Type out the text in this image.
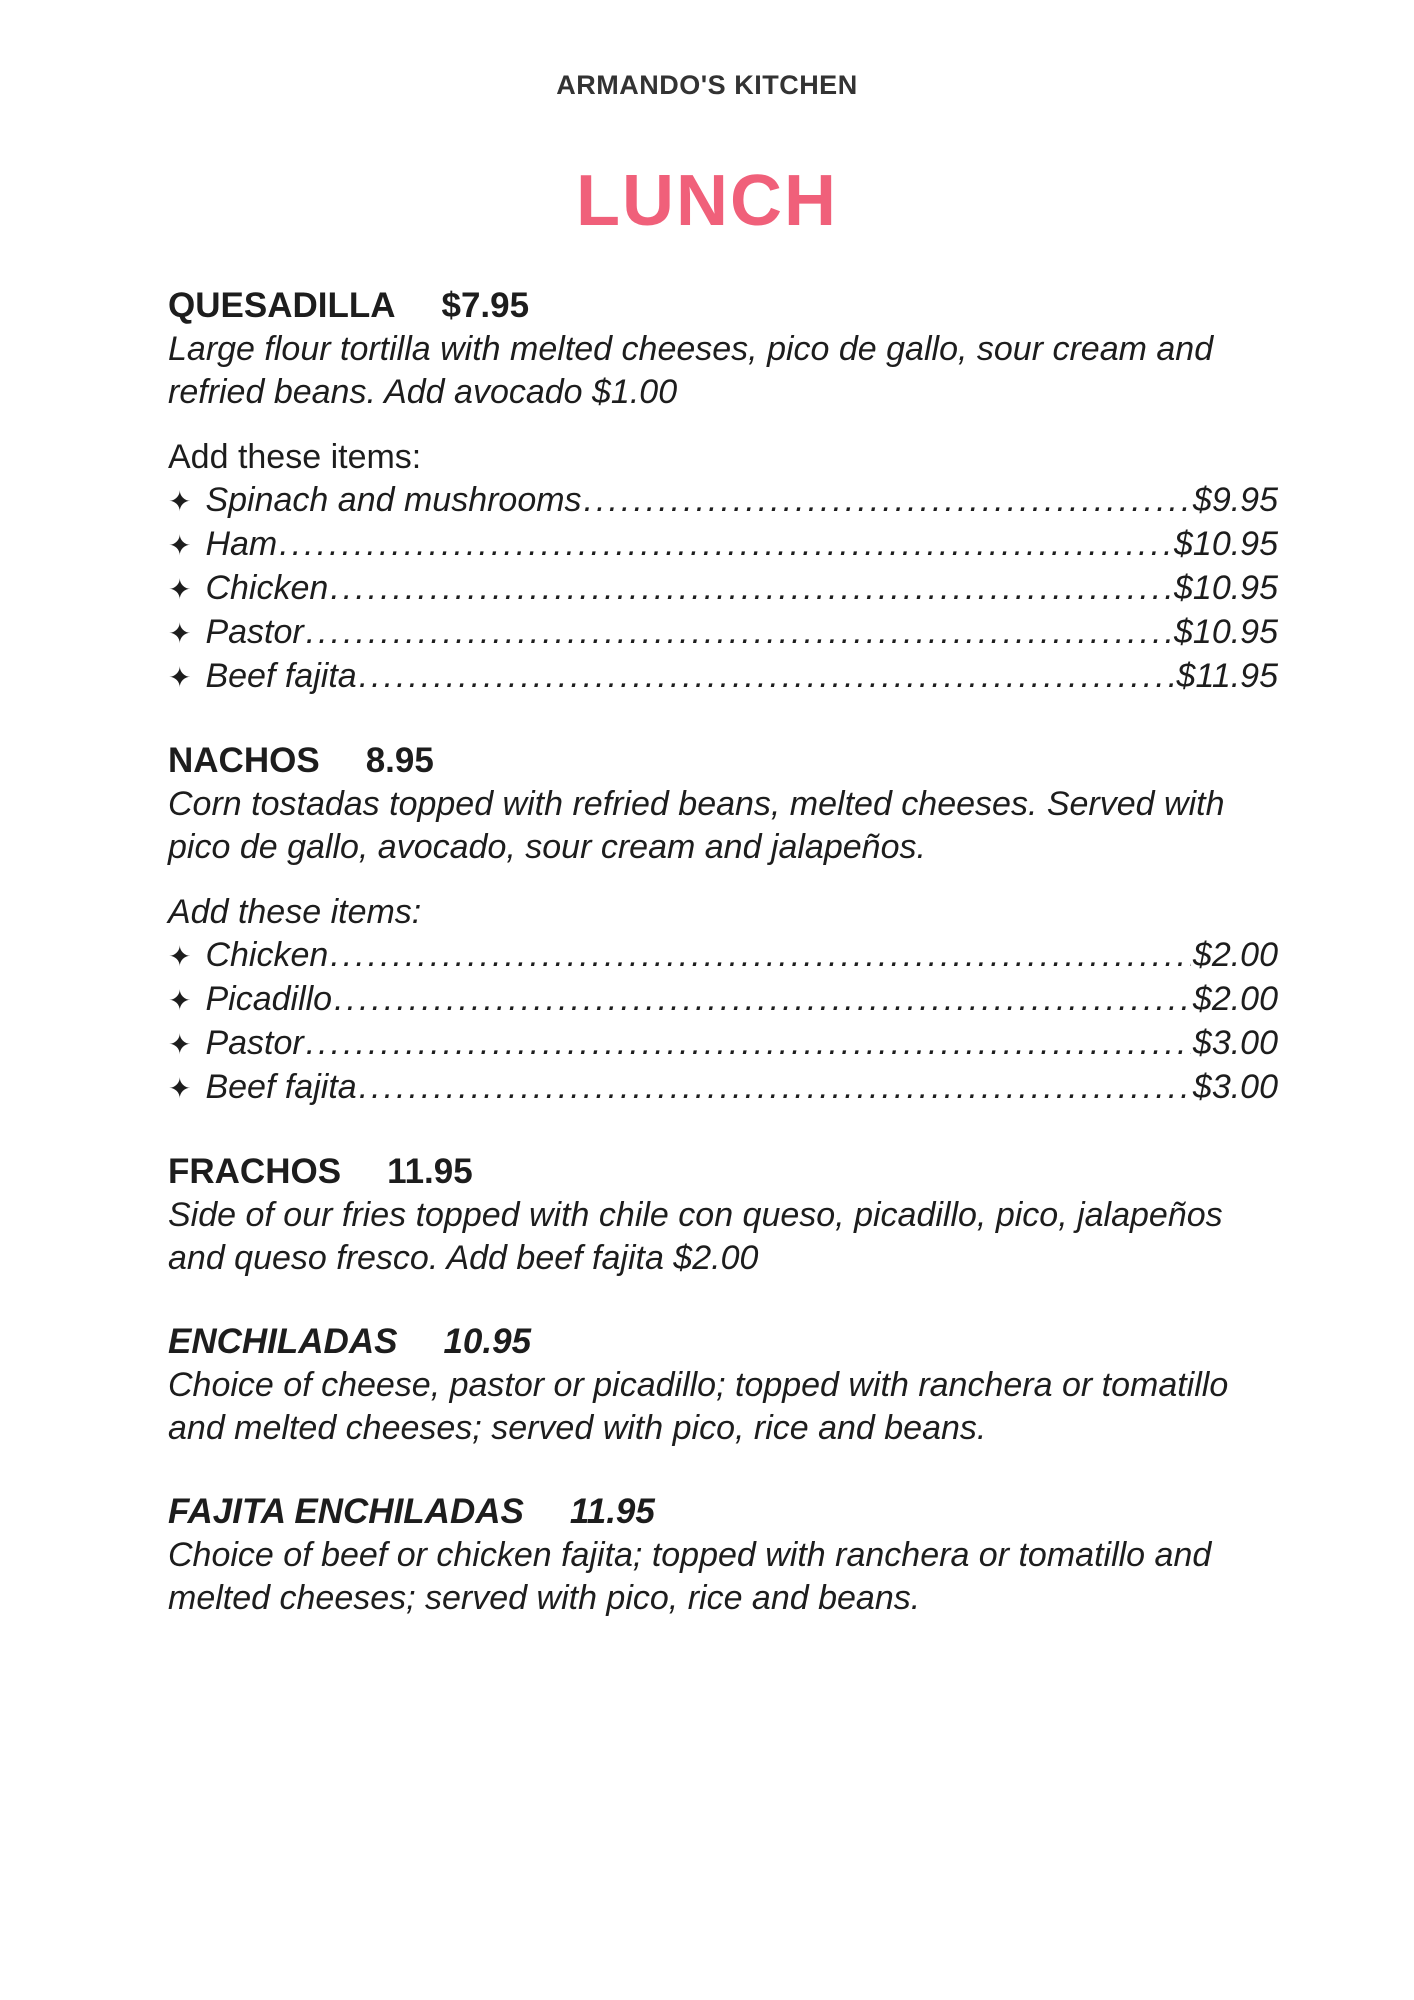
ARMANDO'S KITCHEN
LUNCH
QUESADILLA $7.95
Large flour tortilla with melted cheeses, pico de gallo, sour cream and refried beans. Add avocado $1.00
Add these items:
✦ Spinach and mushrooms .....	$9.95
✦ Ham .....	$10.95
✦ Chicken .....	$10.95
✦ Pastor .....	$10.95
✦ Beef fajita .....	$11.95
NACHOS 8.95
Corn tostadas topped with refried beans, melted cheeses. Served with pico de gallo, avocado, sour cream and jalapeños.
Add these items:
✦ Chicken .....	$2.00
✦ Picadillo .....	$2.00
✦ Pastor .....	$3.00
✦ Beef fajita .....	$3.00
FRACHOS 11.95
Side of our fries topped with chile con queso, picadillo, pico, jalapeños and queso fresco. Add beef fajita $2.00
ENCHILADAS 10.95
Choice of cheese, pastor or picadillo; topped with ranchera or tomatillo and melted cheeses; served with pico, rice and beans.
FAJITA ENCHILADAS 11.95
Choice of beef or chicken fajita; topped with ranchera or tomatillo and melted cheeses; served with pico, rice and beans.
